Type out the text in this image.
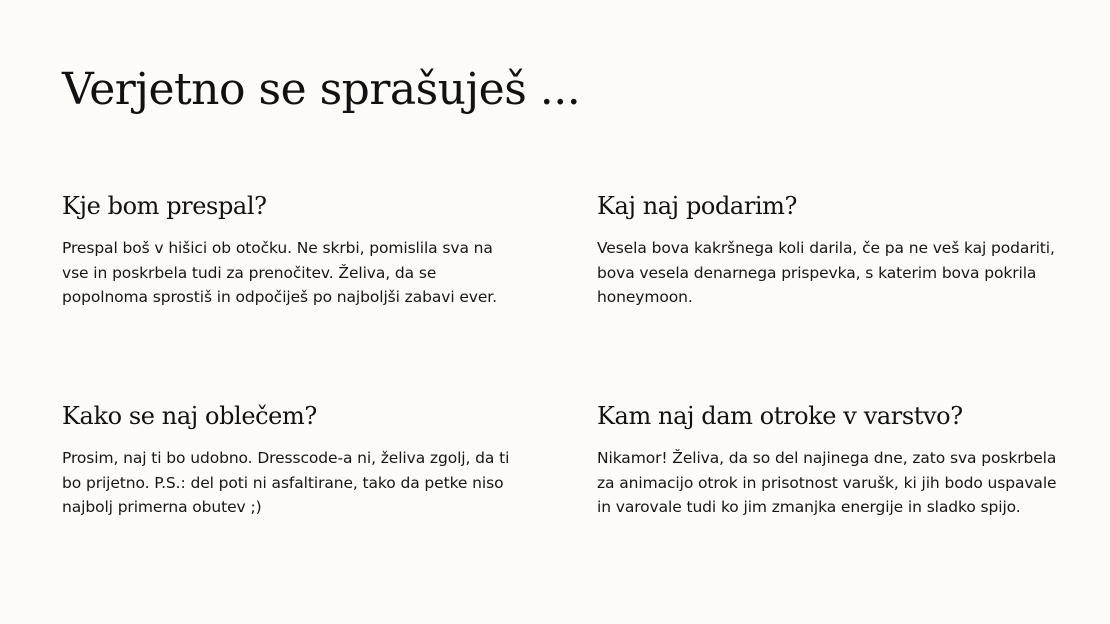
Verjetno se sprašuješ ...
Kje bom prespal?

Prespal boš v hišici ob otočku. Ne skrbi, pomislila sva na vse in poskrbela tudi za prenočitev. Želiva, da se popolnoma sprostiš in odpočiješ po najboljši zabavi ever.

Kaj naj podarim?

Vesela bova kakršnega koli darila, če pa ne veš kaj podariti, bova vesela denarnega prispevka, s katerim bova pokrila honeymoon.

Kako se naj oblečem?

Prosim, naj ti bo udobno. Dresscode-a ni, želiva zgolj, da ti bo prijetno. P.S.: del poti ni asfaltirane, tako da petke niso najbolj primerna obutev ;)

Kam naj dam otroke v varstvo?

Nikamor! Želiva, da so del najinega dne, zato sva poskrbela za animacijo otrok in prisotnost varušk, ki jih bodo uspavale in varovale tudi ko jim zmanjka energije in sladko spijo.
